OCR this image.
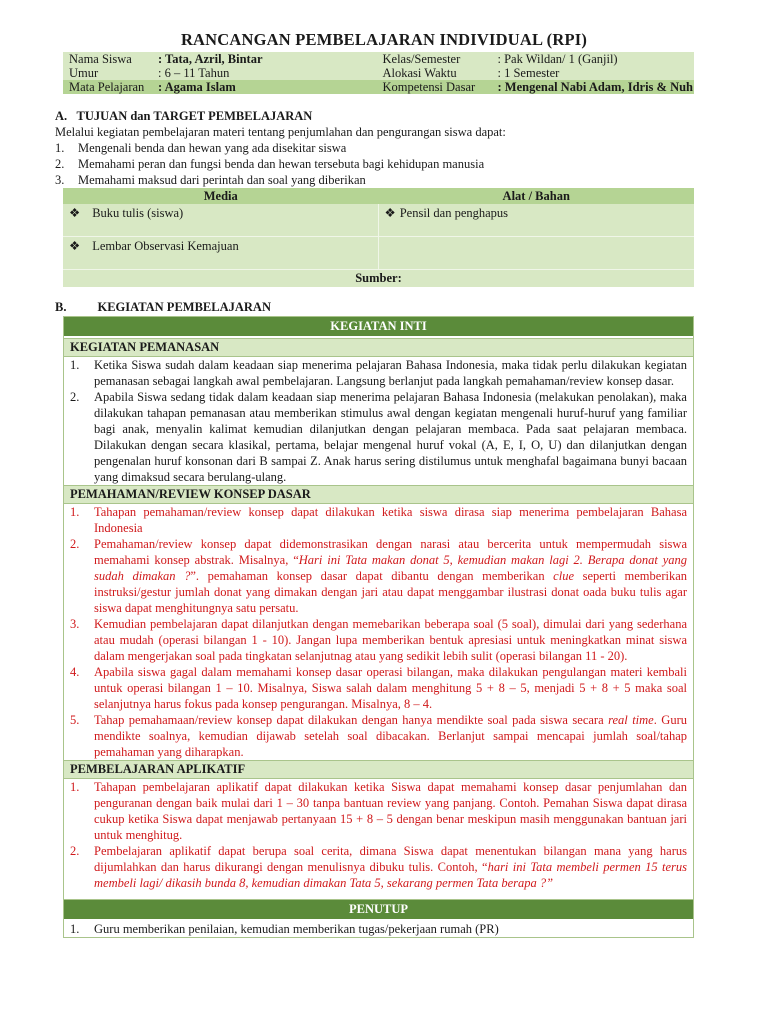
RANCANGAN PEMBELAJARAN INDIVIDUAL (RPI)
Nama Siswa	: Tata, Azril, Bintar	Kelas/Semester	: Pak Wildan/ 1 (Ganjil)
Umur	: 6 – 11 Tahun	Alokasi Waktu	: 1 Semester
Mata Pelajaran	: Agama Islam	Kompetensi Dasar	: Mengenal Nabi Adam, Idris & Nuh
A. TUJUAN dan TARGET PEMBELAJARAN
Melalui kegiatan pembelajaran materi tentang penjumlahan dan pengurangan siswa dapat:
1.	Mengenali benda dan hewan yang ada disekitar siswa
2.	Memahami peran dan fungsi benda dan hewan tersebuta bagi kehidupan manusia
3.	Memahami maksud dari perintah dan soal yang diberikan
Media	Alat / Bahan
❖ Buku tulis (siswa)	❖ Pensil dan penghapus
❖ Lembar Observasi Kemajuan
Sumber:
B. KEGIATAN PEMBELAJARAN
KEGIATAN INTI
KEGIATAN PEMANASAN
1.	Ketika Siswa sudah dalam keadaan siap menerima pelajaran Bahasa Indonesia, maka tidak perlu dilakukan kegiatan pemanasan sebagai langkah awal pembelajaran. Langsung berlanjut pada langkah pemahaman/review konsep dasar.
2.	Apabila Siswa sedang tidak dalam keadaan siap menerima pelajaran Bahasa Indonesia (melakukan penolakan), maka dilakukan tahapan pemanasan atau memberikan stimulus awal dengan kegiatan mengenali huruf-huruf yang familiar bagi anak, menyalin kalimat kemudian dilanjutkan dengan pelajaran membaca. Pada saat pelajaran membaca. Dilakukan dengan secara klasikal, pertama, belajar mengenal huruf vokal (A, E, I, O, U) dan dilanjutkan dengan pengenalan huruf konsonan dari B sampai Z. Anak harus sering distilumus untuk menghafal bagaimana bunyi bacaan yang dimaksud secara berulang-ulang.
PEMAHAMAN/REVIEW KONSEP DASAR
1.	Tahapan pemahaman/review konsep dapat dilakukan ketika siswa dirasa siap menerima pembelajaran Bahasa Indonesia
2.	Pemahaman/review konsep dapat didemonstrasikan dengan narasi atau bercerita untuk mempermudah siswa memahami konsep abstrak. Misalnya, “Hari ini Tata makan donat 5, kemudian makan lagi 2. Berapa donat yang sudah dimakan ?”. pemahaman konsep dasar dapat dibantu dengan memberikan clue seperti memberikan instruksi/gestur jumlah donat yang dimakan dengan jari atau dapat menggambar ilustrasi donat oada buku tulis agar siswa dapat menghitungnya satu persatu.
3.	Kemudian pembelajaran dapat dilanjutkan dengan memebarikan beberapa soal (5 soal), dimulai dari yang sederhana atau mudah (operasi bilangan 1 - 10). Jangan lupa memberikan bentuk apresiasi untuk meningkatkan minat siswa dalam mengerjakan soal pada tingkatan selanjutnag atau yang sedikit lebih sulit (operasi bilangan 11 - 20).
4.	Apabila siswa gagal dalam memahami konsep dasar operasi bilangan, maka dilakukan pengulangan materi kembali untuk operasi bilangan 1 – 10. Misalnya, Siswa salah dalam menghitung 5 + 8 – 5, menjadi 5 + 8 + 5 maka soal selanjutnya harus fokus pada konsep pengurangan. Misalnya, 8 – 4.
5.	Tahap pemahamaan/review konsep dapat dilakukan dengan hanya mendikte soal pada siswa secara real time. Guru mendikte soalnya, kemudian dijawab setelah soal dibacakan. Berlanjut sampai mencapai jumlah soal/tahap pemahaman yang diharapkan.
PEMBELAJARAN APLIKATIF
1.	Tahapan pembelajaran aplikatif dapat dilakukan ketika Siswa dapat memahami konsep dasar penjumlahan dan penguranan dengan baik mulai dari 1 – 30 tanpa bantuan review yang panjang. Contoh. Pemahan Siswa dapat dirasa cukup ketika Siswa dapat menjawab pertanyaan 15 + 8 – 5 dengan benar meskipun masih menggunakan bantuan jari untuk menghitug.
2.	Pembelajaran aplikatif dapat berupa soal cerita, dimana Siswa dapat menentukan bilangan mana yang harus dijumlahkan dan harus dikurangi dengan menulisnya dibuku tulis. Contoh, “hari ini Tata membeli permen 15 terus membeli lagi/ dikasih bunda 8, kemudian dimakan Tata 5, sekarang permen Tata berapa ?”
PENUTUP
1.	Guru memberikan penilaian, kemudian memberikan tugas/pekerjaan rumah (PR)
